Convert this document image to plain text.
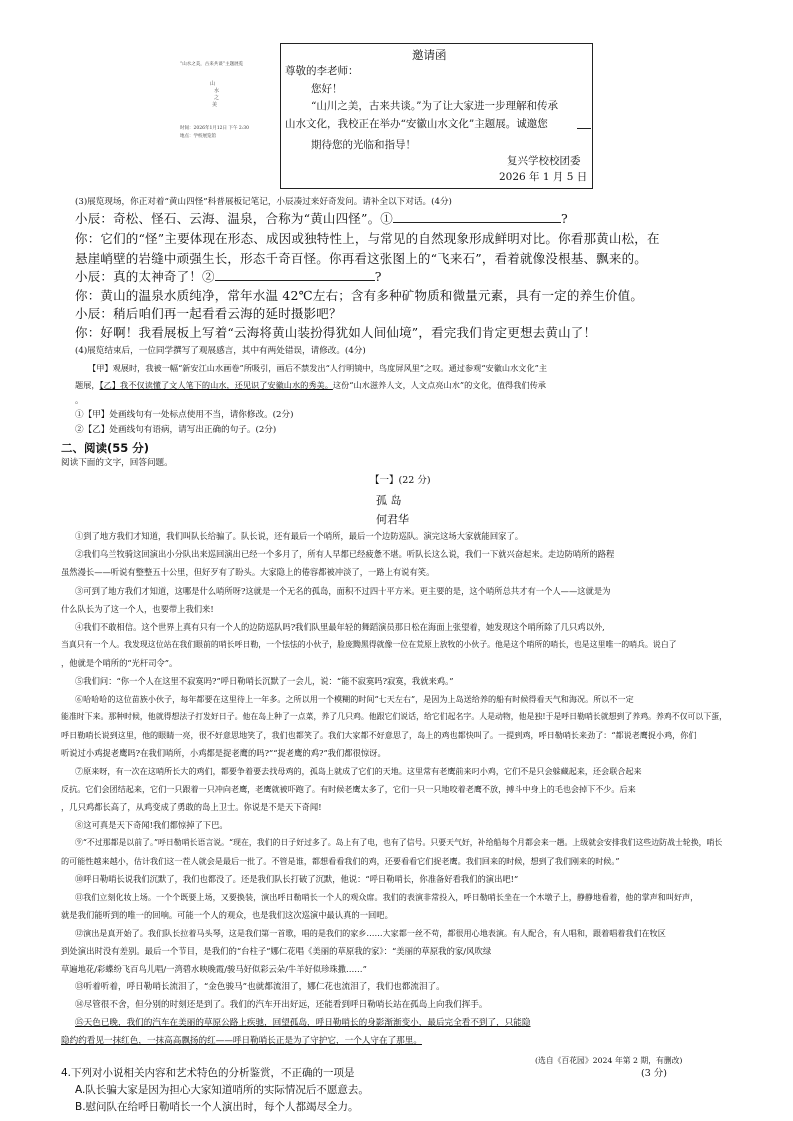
“山水之美，古来共谈”主题展览
山
水
之
美
时间：2026年1月12日 下午 2:30
地点：学校展览馆
邀请函
尊敬的李老师：
您好！
“山川之美，古来共谈。”为了让大家进一步理解和传承
山水文化，我校正在举办“安徽山水文化”主题展。诚邀您
期待您的光临和指导！
复兴学校校团委
2026 年 1 月 5 日
(3)展览现场，你正对着“黄山四怪”科普展板记笔记，小辰凑过来好奇发问。请补全以下对话。(4分)
小辰：奇松、怪石、云海、温泉，合称为“黄山四怪”。①	?
你：它们的“怪”主要体现在形态、成因或独特性上，与常见的自然现象形成鲜明对比。你看那黄山松，在
悬崖峭壁的岩缝中顽强生长，形态千奇百怪。你再看这张图上的“飞来石”，看着就像没根基、飘来的。
小辰：真的太神奇了！②	?
你：黄山的温泉水质纯净，常年水温 42℃左右；含有多种矿物质和微量元素，具有一定的养生价值。
小辰：稍后咱们再一起看看云海的延时摄影吧？
你：好啊！我看展板上写着“云海将黄山装扮得犹如人间仙境”，看完我们肯定更想去黄山了！
(4)展览结束后，一位同学撰写了观展感言，其中有两处错误，请修改。(4分)
【甲】观展时，我被一幅“新安江山水画卷”所吸引，画后不禁发出“人行明镜中，鸟度屏风里”之叹。通过参观“安徽山水文化”主
题展，【乙】我不仅读懂了文人笔下的山水，还见识了安徽山水的秀美。这份“山水滋养人文，人文点亮山水”的文化，值得我们传承
。
①【甲】处画线句有一处标点使用不当，请你修改。(2分)
②【乙】处画线句有语病，请写出正确的句子。(2分)
二、阅读(55 分)
阅读下面的文字，回答问题。
【一】(22 分)
孤 岛
何君华
①到了地方我们才知道，我们叫队长给骗了。队长说，还有最后一个哨所，最后一个边防巡队。演完这场大家就能回家了。
②我们乌兰牧骑这回演出小分队出来巡回演出已经一个多月了，所有人早都已经疲惫不堪。听队长这么说，我们一下就兴奋起来。走边防哨所的路程
虽然漫长——听说有整整五十公里，但好歹有了盼头。大家隐上的倦容都被冲淡了，一路上有说有笑。
③可到了地方我们才知道，这哪是什么哨所呀?这就是一个无名的孤岛，面积不过四十平方米。更主要的是，这个哨所总共才有一个人——这就是为
什么队长为了这一个人，也要带上我们来!
④我们不敢相信。这个世界上真有只有一个人的边防巡队吗?我们队里最年轻的舞蹈演员那日松在海面上张望着，她发现这个哨所除了几只鸡以外,
当真只有一个人。我发现这位站在我们眼前的哨长呼日勒，一个怯怯的小伙子，脸庞黝黑得就像一位在荒原上放牧的小伙子。他是这个哨所的哨长，也是这里唯一的哨兵。说白了
，他就是个哨所的“光杆司令”。
⑤我们问：“你一个人在这里不寂寞吗?”呼日勒哨长沉默了一会儿，说：“能不寂寞吗?寂寞，我就来鸡。”
⑥哈哈哈的这位苗族小伙子，每年都要在这里待上一年多。之所以用一个模糊的时间“七天左右”，是因为上岛送给养的船有时候得看天气和海况。所以不一定
能准时下来。那种时候，他就得想法子打发好日子。他在岛上种了一点菜，养了几只鸡。他跟它们说话，给它们起名字。人是动物，他是独!于是呼日勒哨长就想到了养鸡。养鸡不仅可以下蛋，
呼日勒哨长说到这里，他的眼睛一亮，很不好意思地笑了，我们也都笑了。我们大家都不好意思了，岛上的鸡也都快叫了。一提到鸡，呼日勒哨长来劲了：“都说老鹰捉小鸡，你们
听说过小鸡捉老鹰吗?在我们哨所，小鸡都是捉老鹰的吗?”“捉老鹰的鸡?”我们都很惊讶。
⑦原来呀，有一次在这哨所长大的鸡们，都要争着要去找母鸡的，孤岛上就成了它们的天地。这里常有老鹰前来叼小鸡，它们不是只会躲藏起来，还会联合起来
反抗。它们会团结起来，它们一只跟着一只冲向老鹰，老鹰就被吓跑了。有时候老鹰太多了，它们一只一只地咬着老鹰不放，搏斗中身上的毛也会掉下不少。后来
，几只鸡都长高了，从鸡变成了勇敢的岛上卫士。你说是不是天下奇闻!
⑧这可真是天下奇闻!我们都惊掉了下巴。
⑨“不过那都是以前了。”呼日勒哨长语言说。“现在，我们的日子好过多了。岛上有了电，也有了信号。只要天气好，补给船每个月都会来一趟。上级就会安排我们这些边防战士轮换，哨长
的可能性越来越小，估计我们这一茬人就会是最后一批了。不管是谁，都想看看我们的鸡，还要看看它们捉老鹰。我们回来的时候，想到了我们刚来的时候。”
⑩呼日勒哨长说我们沉默了，我们也都没了。还是我们队长打破了沉默，他说：“呼日勒哨长，你准备好看我们的演出吧!”
⑪我们立刻化妆上场。一个个既要上场，又要换装，演出呼日勒哨长一个人的观众席。我们的表演非常投入，呼日勒哨长坐在一个木墩子上，静静地看着，他的掌声和叫好声，
就是我们能听到的唯一的回响。可能一个人的观众，也是我们这次巡演中最认真的一回吧。
⑫演出是真开始了。我们队长拉着马头琴，这是我们第一首歌，唱的是我们的家乡……大家都一丝不苟，都很用心地表演。有人配合，有人唱和，跟着唱着我们在牧区
到处演出时没有差别。最后一个节目，是我们的“台柱子”娜仁花唱《美丽的草原我的家》：“美丽的草原我的家/风吹绿
草遍地花/彩蝶纷飞百鸟儿唱/一湾碧水映晚霞/骏马好似彩云朵/牛羊好似珍珠撒……”
⑬听着听着，呼日勒哨长流泪了，“金色骏马”也就都流泪了，娜仁花也流泪了，我们也都流泪了。
⑭尽管很不舍，但分别的时刻还是到了。我们的汽车开出好远，还能看到呼日勒哨长站在孤岛上向我们挥手。
⑮天色已晚，我们的汽车在美丽的草原公路上疾驰，回望孤岛，呼日勒哨长的身影渐渐变小，最后完全看不到了，只能隐
隐约约看见一抹红色，一抹高高飘扬的红——呼日勒哨长正是为了守护它，一个人守在了那里。
(选自《百花园》2024 年第 2 期，有删改)
4.下列对小说相关内容和艺术特色的分析鉴赏，不正确的一项是	(3 分)
A.队长骗大家是因为担心大家知道哨所的实际情况后不愿意去。
B.慰问队在给呼日勒哨长一个人演出时，每个人都竭尽全力。
